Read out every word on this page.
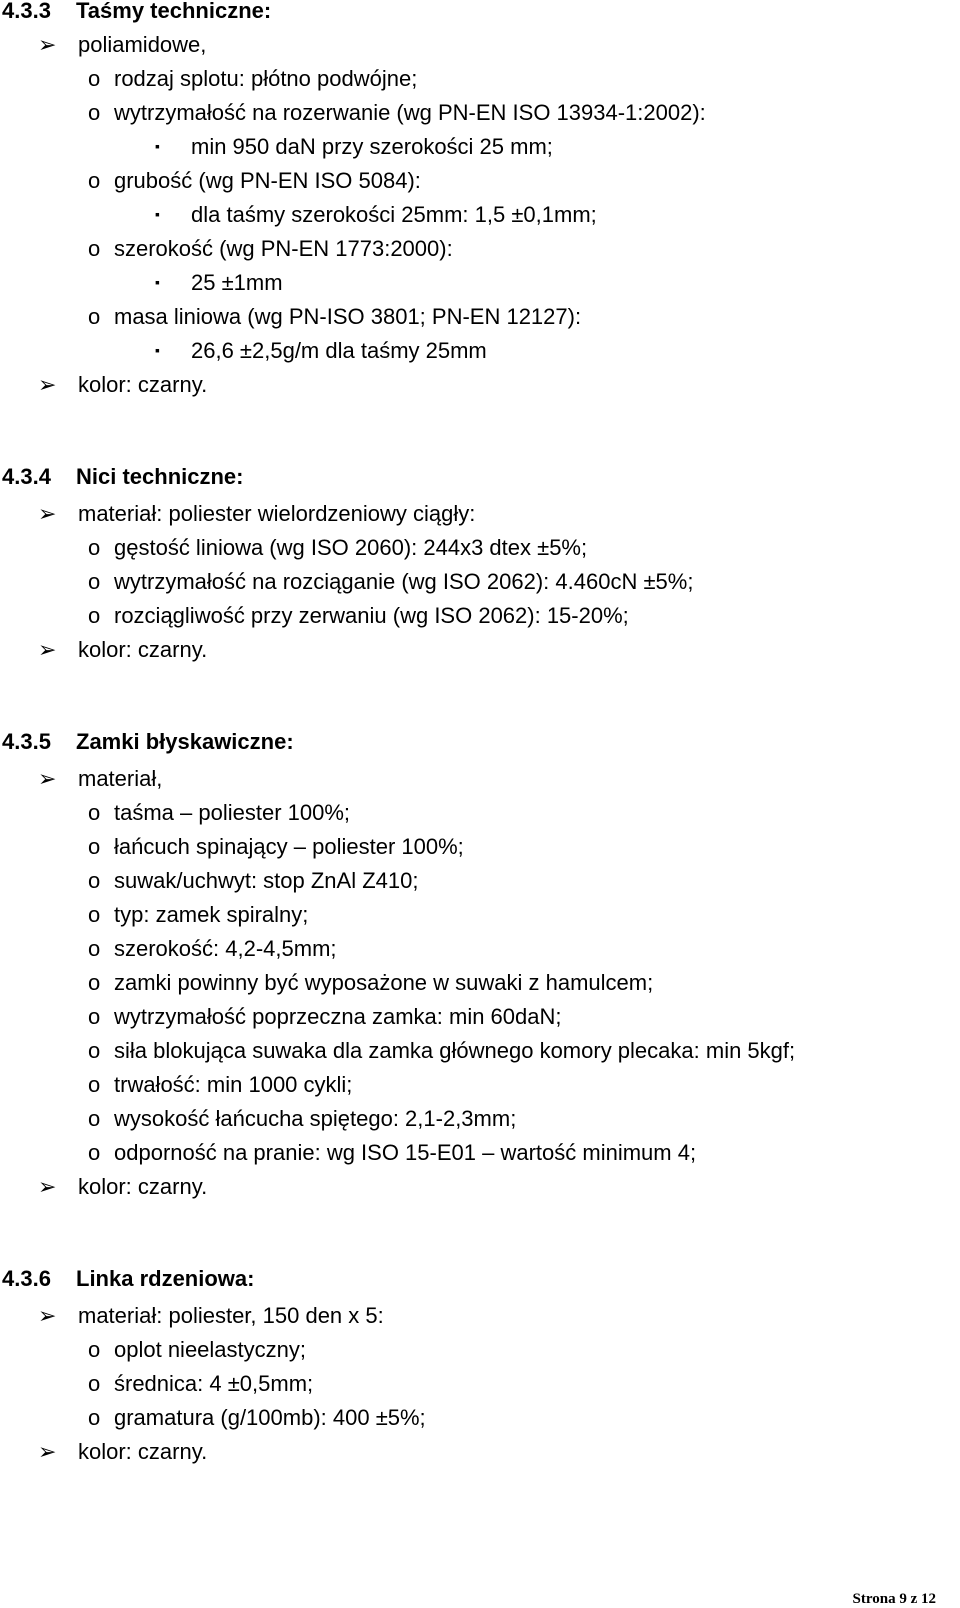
4.3.3 Taśmy techniczne:
➢ poliamidowe,
o rodzaj splotu: płótno podwójne;
o wytrzymałość na rozerwanie (wg PN-EN ISO 13934-1:2002):
▪ min 950 daN przy szerokości 25 mm;
o grubość (wg PN-EN ISO 5084):
▪ dla taśmy szerokości 25mm: 1,5 ±0,1mm;
o szerokość (wg PN-EN 1773:2000):
▪ 25 ±1mm
o masa liniowa (wg PN-ISO 3801; PN-EN 12127):
▪ 26,6 ±2,5g/m dla taśmy 25mm
➢ kolor: czarny.
4.3.4 Nici techniczne:
➢ materiał: poliester wielordzeniowy ciągły:
o gęstość liniowa (wg ISO 2060): 244x3 dtex ±5%;
o wytrzymałość na rozciąganie (wg ISO 2062): 4.460cN ±5%;
o rozciągliwość przy zerwaniu (wg ISO 2062): 15-20%;
➢ kolor: czarny.
4.3.5 Zamki błyskawiczne:
➢ materiał,
o taśma – poliester 100%;
o łańcuch spinający – poliester 100%;
o suwak/uchwyt: stop ZnAl Z410;
o typ: zamek spiralny;
o szerokość: 4,2-4,5mm;
o zamki powinny być wyposażone w suwaki z hamulcem;
o wytrzymałość poprzeczna zamka: min 60daN;
o siła blokująca suwaka dla zamka głównego komory plecaka: min 5kgf;
o trwałość: min 1000 cykli;
o wysokość łańcucha spiętego: 2,1-2,3mm;
o odporność na pranie: wg ISO 15-E01 – wartość minimum 4;
➢ kolor: czarny.
4.3.6 Linka rdzeniowa:
➢ materiał: poliester, 150 den x 5:
o oplot nieelastyczny;
o średnica: 4 ±0,5mm;
o gramatura (g/100mb): 400 ±5%;
➢ kolor: czarny.
Strona 9 z 12
